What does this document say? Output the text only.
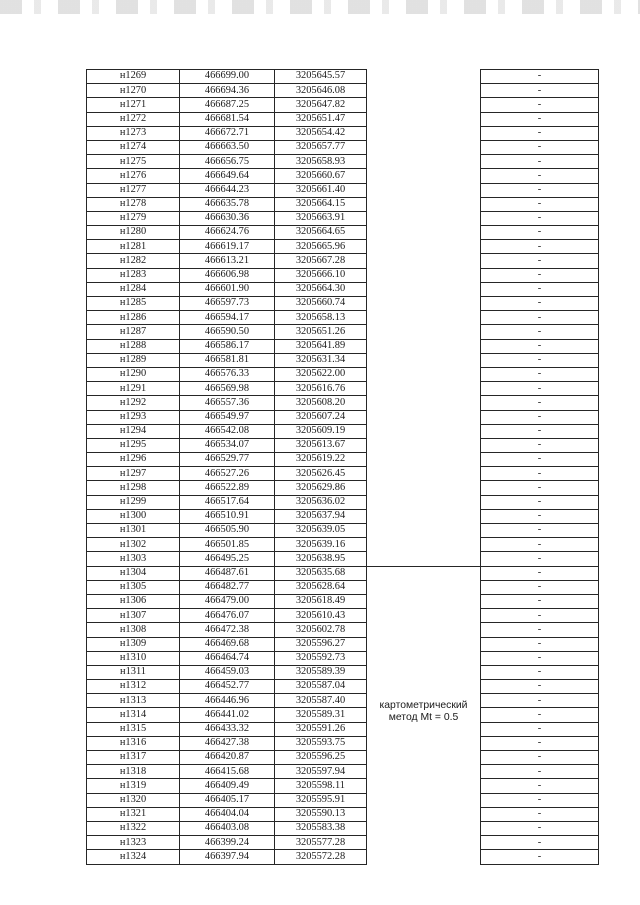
н1269	466699.00	3205645.57		-
н1270	466694.36	3205646.08		-
н1271	466687.25	3205647.82		-
н1272	466681.54	3205651.47		-
н1273	466672.71	3205654.42		-
н1274	466663.50	3205657.77		-
н1275	466656.75	3205658.93		-
н1276	466649.64	3205660.67		-
н1277	466644.23	3205661.40		-
н1278	466635.78	3205664.15		-
н1279	466630.36	3205663.91		-
н1280	466624.76	3205664.65		-
н1281	466619.17	3205665.96		-
н1282	466613.21	3205667.28		-
н1283	466606.98	3205666.10		-
н1284	466601.90	3205664.30		-
н1285	466597.73	3205660.74		-
н1286	466594.17	3205658.13		-
н1287	466590.50	3205651.26		-
н1288	466586.17	3205641.89		-
н1289	466581.81	3205631.34		-
н1290	466576.33	3205622.00		-
н1291	466569.98	3205616.76		-
н1292	466557.36	3205608.20		-
н1293	466549.97	3205607.24		-
н1294	466542.08	3205609.19		-
н1295	466534.07	3205613.67		-
н1296	466529.77	3205619.22		-
н1297	466527.26	3205626.45		-
н1298	466522.89	3205629.86		-
н1299	466517.64	3205636.02		-
н1300	466510.91	3205637.94		-
н1301	466505.90	3205639.05		-
н1302	466501.85	3205639.16		-
н1303	466495.25	3205638.95		-
н1304	466487.61	3205635.68		-
н1305	466482.77	3205628.64		-
н1306	466479.00	3205618.49		-
н1307	466476.07	3205610.43		-
н1308	466472.38	3205602.78		-
н1309	466469.68	3205596.27		-
н1310	466464.74	3205592.73		-
н1311	466459.03	3205589.39		-
н1312	466452.77	3205587.04		-
н1313	466446.96	3205587.40		-
н1314	466441.02	3205589.31	картометрический метод Mt = 0.5	-
н1315	466433.32	3205591.26		-
н1316	466427.38	3205593.75		-
н1317	466420.87	3205596.25		-
н1318	466415.68	3205597.94		-
н1319	466409.49	3205598.11		-
н1320	466405.17	3205595.91		-
н1321	466404.04	3205590.13		-
н1322	466403.08	3205583.38		-
н1323	466399.24	3205577.28		-
н1324	466397.94	3205572.28		-
